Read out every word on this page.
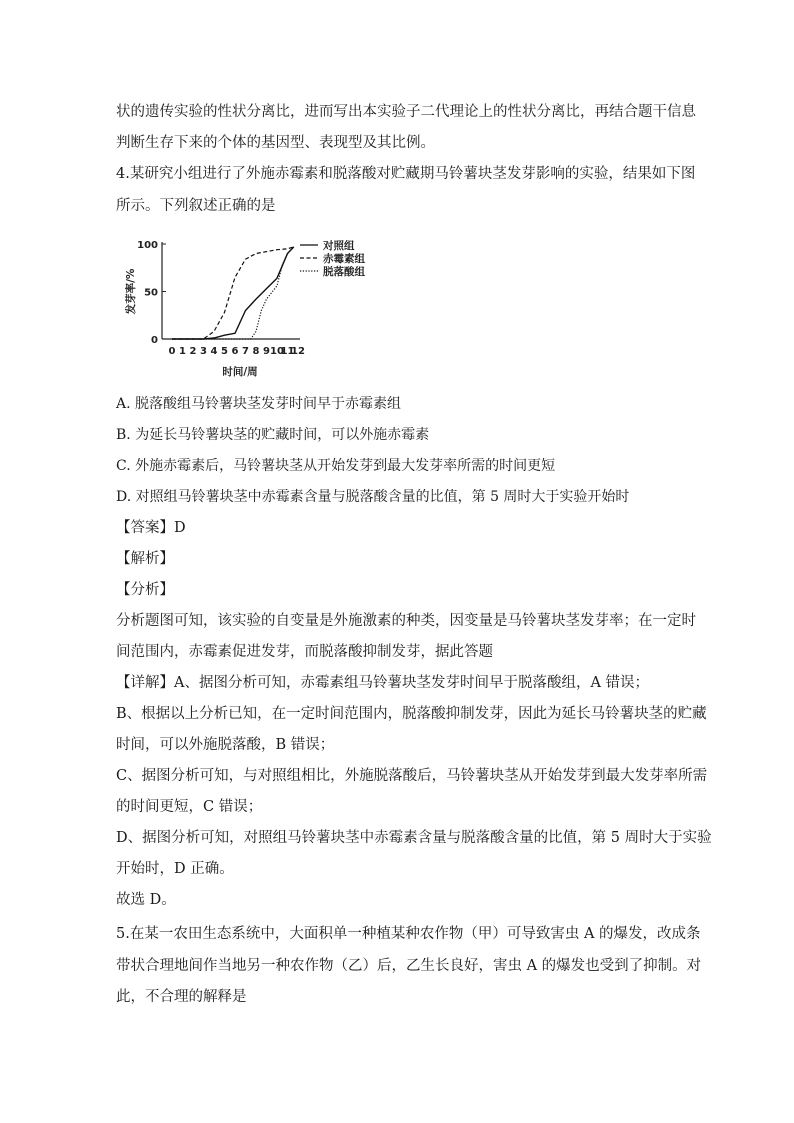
状的遗传实验的性状分离比，进而写出本实验子二代理论上的性状分离比，再结合题干信息
判断生存下来的个体的基因型、表现型及其比例。
4.某研究小组进行了外施赤霉素和脱落酸对贮藏期马铃薯块茎发芽影响的实验，结果如下图
所示。下列叙述正确的是
0
50
100
0 1 2 3 4 5 6 7 8 9 10
11
12
时间/周
发芽率/%
对照组
赤霉素组
脱落酸组
A. 脱落酸组马铃薯块茎发芽时间早于赤霉素组
B. 为延长马铃薯块茎的贮藏时间，可以外施赤霉素
C. 外施赤霉素后，马铃薯块茎从开始发芽到最大发芽率所需的时间更短
D. 对照组马铃薯块茎中赤霉素含量与脱落酸含量的比值，第 5 周时大于实验开始时
【答案】D
【解析】
【分析】
分析题图可知，该实验的自变量是外施激素的种类，因变量是马铃薯块茎发芽率；在一定时
间范围内，赤霉素促进发芽，而脱落酸抑制发芽，据此答题
【详解】A、据图分析可知，赤霉素组马铃薯块茎发芽时间早于脱落酸组，A 错误；
B、根据以上分析已知，在一定时间范围内，脱落酸抑制发芽，因此为延长马铃薯块茎的贮藏
时间，可以外施脱落酸，B 错误；
C、据图分析可知，与对照组相比，外施脱落酸后，马铃薯块茎从开始发芽到最大发芽率所需
的时间更短，C 错误；
D、据图分析可知，对照组马铃薯块茎中赤霉素含量与脱落酸含量的比值，第 5 周时大于实验
开始时，D 正确。
故选 D。
5.在某一农田生态系统中，大面积单一种植某种农作物（甲）可导致害虫 A 的爆发，改成条
带状合理地间作当地另一种农作物（乙）后，乙生长良好，害虫 A 的爆发也受到了抑制。对
此，不合理的解释是
